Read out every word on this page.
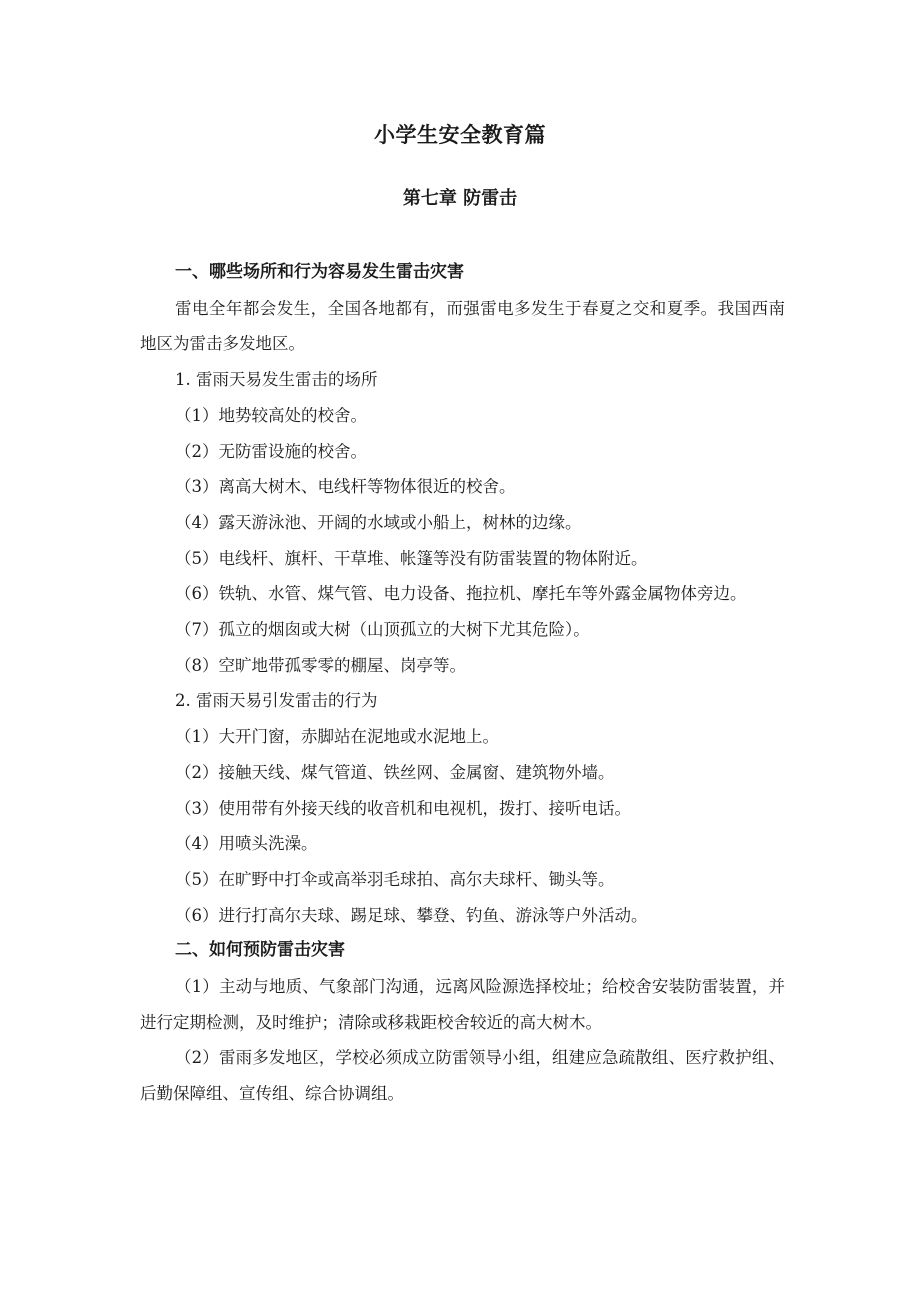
小学生安全教育篇
第七章 防雷击
一、哪些场所和行为容易发生雷击灾害

雷电全年都会发生，全国各地都有，而强雷电多发生于春夏之交和夏季。我国西南地区为雷击多发地区。

1. 雷雨天易发生雷击的场所

（1）地势较高处的校舍。

（2）无防雷设施的校舍。

（3）离高大树木、电线杆等物体很近的校舍。

（4）露天游泳池、开阔的水域或小船上，树林的边缘。

（5）电线杆、旗杆、干草堆、帐篷等没有防雷装置的物体附近。

（6）铁轨、水管、煤气管、电力设备、拖拉机、摩托车等外露金属物体旁边。

（7）孤立的烟囱或大树（山顶孤立的大树下尤其危险）。

（8）空旷地带孤零零的棚屋、岗亭等。

2. 雷雨天易引发雷击的行为

（1）大开门窗，赤脚站在泥地或水泥地上。

（2）接触天线、煤气管道、铁丝网、金属窗、建筑物外墙。

（3）使用带有外接天线的收音机和电视机，拨打、接听电话。

（4）用喷头洗澡。

（5）在旷野中打伞或高举羽毛球拍、高尔夫球杆、锄头等。

（6）进行打高尔夫球、踢足球、攀登、钓鱼、游泳等户外活动。

二、如何预防雷击灾害

（1）主动与地质、气象部门沟通，远离风险源选择校址；给校舍安装防雷装置，并进行定期检测，及时维护；清除或移栽距校舍较近的高大树木。

（2）雷雨多发地区，学校必须成立防雷领导小组，组建应急疏散组、医疗救护组、后勤保障组、宣传组、综合协调组。
